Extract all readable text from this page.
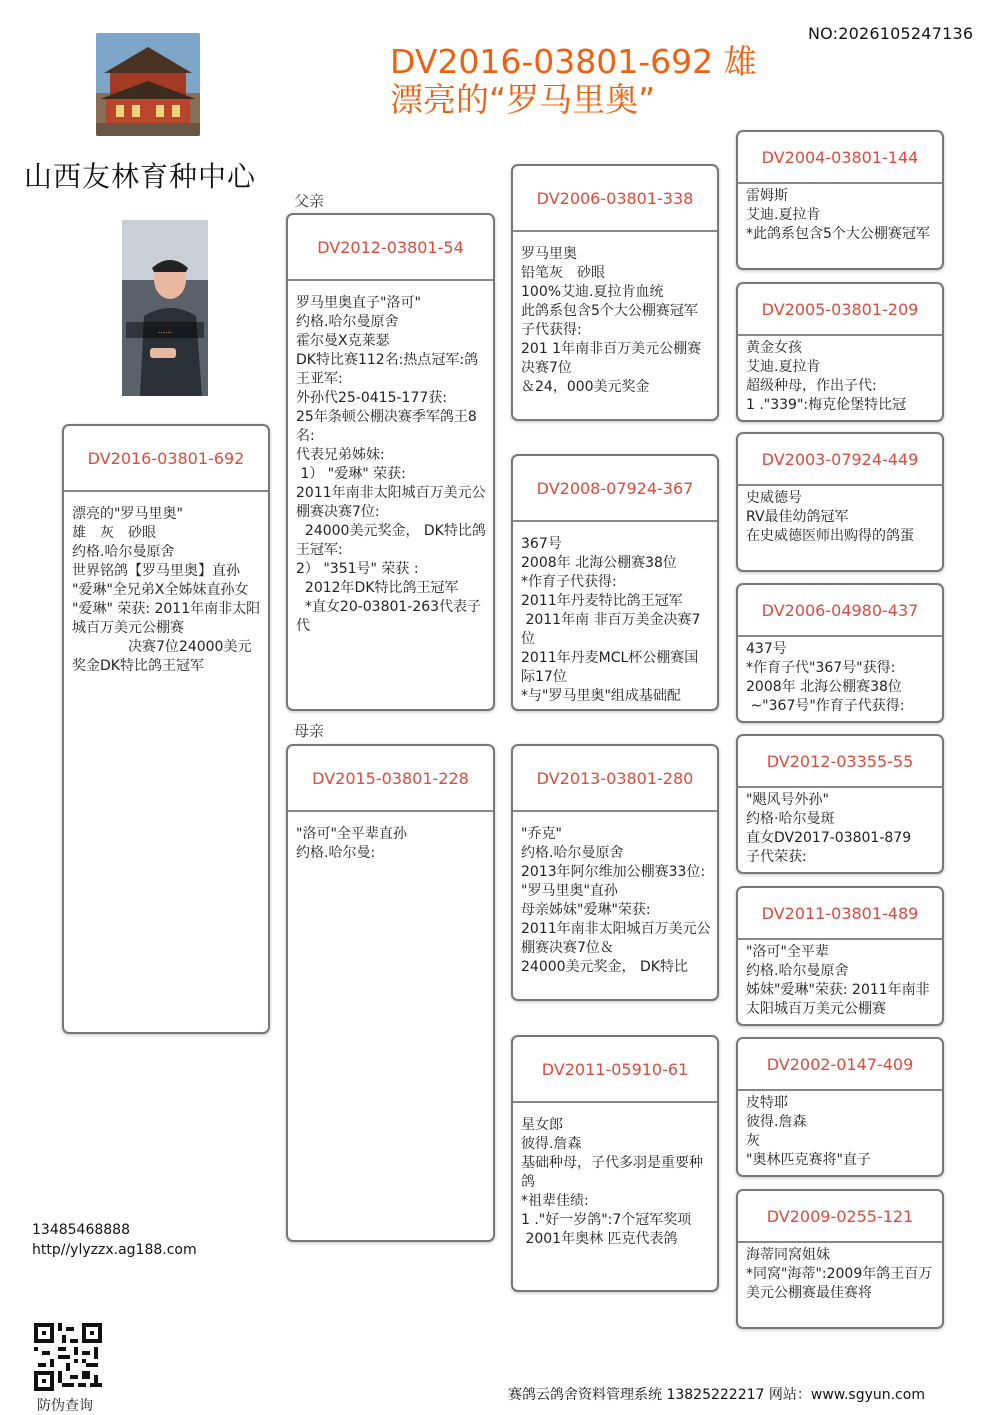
NO:2026105247136
DV2016-03801-692 雄
漂亮的“罗马里奥”
山西友林育种中心
……
父亲
母亲
DV2016-03801-692
漂亮的"罗马里奥"
雄　灰　砂眼
约格.哈尔曼原舍
世界铭鸽【罗马里奥】直孙
"爱琳"全兄弟X全姊妹直孙女
"爱琳" 荣获: 2011年南非太阳城百万美元公棚赛
　　　　决赛7位24000美元奖金DK特比鸽王冠军
DV2012-03801-54
罗马里奥直子"洛可"
约格.哈尔曼原舍
霍尔曼X克莱瑟
DK特比赛112名:热点冠军:鸽王亚军:
外孙代25-0415-177获:
25年条顿公棚决赛季军鸽王8名:
代表兄弟姊妹:
1） "爱琳" 荣获:
2011年南非太阳城百万美元公棚赛决赛7位:
24000美元奖金， DK特比鸽王冠军:
2） "351号" 荣获 :
2012年DK特比鸽王冠军
*直女20-03801-263代表子代
DV2015-03801-228
"洛可"全平辈直孙
约格.哈尔曼:
DV2006-03801-338
罗马里奥
铅笔灰　砂眼
100%艾迪.夏拉肯血统
此鸽系包含5个大公棚赛冠军
子代获得:
201 1年南非百万美元公棚赛决赛7位
＆24，000美元奖金
DV2008-07924-367
367号
2008年 北海公棚赛38位
*作育子代获得:
2011年丹麦特比鸽王冠军
2011年南 非百万美金决赛7位
2011年丹麦MCL杯公棚赛国际17位
*与"罗马里奥"组成基础配
DV2013-03801-280
"乔克"
约格.哈尔曼原舍
2013年阿尔维加公棚赛33位:
"罗马里奥"直孙
母亲姊妹"爱琳"荣获:
2011年南非太阳城百万美元公棚赛决赛7位＆
24000美元奖金， DK特比
DV2011-05910-61
星女郎
彼得.詹森
基础种母，子代多羽是重要种鸽
*祖辈佳绩:
1 ."好一岁鸽":7个冠军奖项
2001年奥林 匹克代表鸽
DV2004-03801-144
雷姆斯
艾迪.夏拉肯
*此鸽系包含5个大公棚赛冠军
DV2005-03801-209
黄金女孩
艾迪.夏拉肯
超级种母，作出子代:
1 ."339":梅克伦堡特比冠
DV2003-07924-449
史威德号
RV最佳幼鸽冠军
在史威德医师出购得的鸽蛋
DV2006-04980-437
437号
*作育子代"367号"获得:
2008年 北海公棚赛38位
~"367号"作育子代获得:
DV2012-03355-55
"飓风号外孙"
约格·哈尔曼斑
直女DV2017-03801-879
子代荣获:
DV2011-03801-489
"洛可"全平辈
约格.哈尔曼原舍
姊妹"爱琳"荣获: 2011年南非太阳城百万美元公棚赛
DV2002-0147-409
皮特耶
彼得.詹森
灰
"奥林匹克赛将"直子
DV2009-0255-121
海蒂同窝姐妹
*同窝"海蒂":2009年鸽王百万美元公棚赛最佳赛将
13485468888
http//ylyzzx.ag188.com
防伪查询
赛鸽云鸽舍资料管理系统 13825222217 网站：www.sgyun.com
